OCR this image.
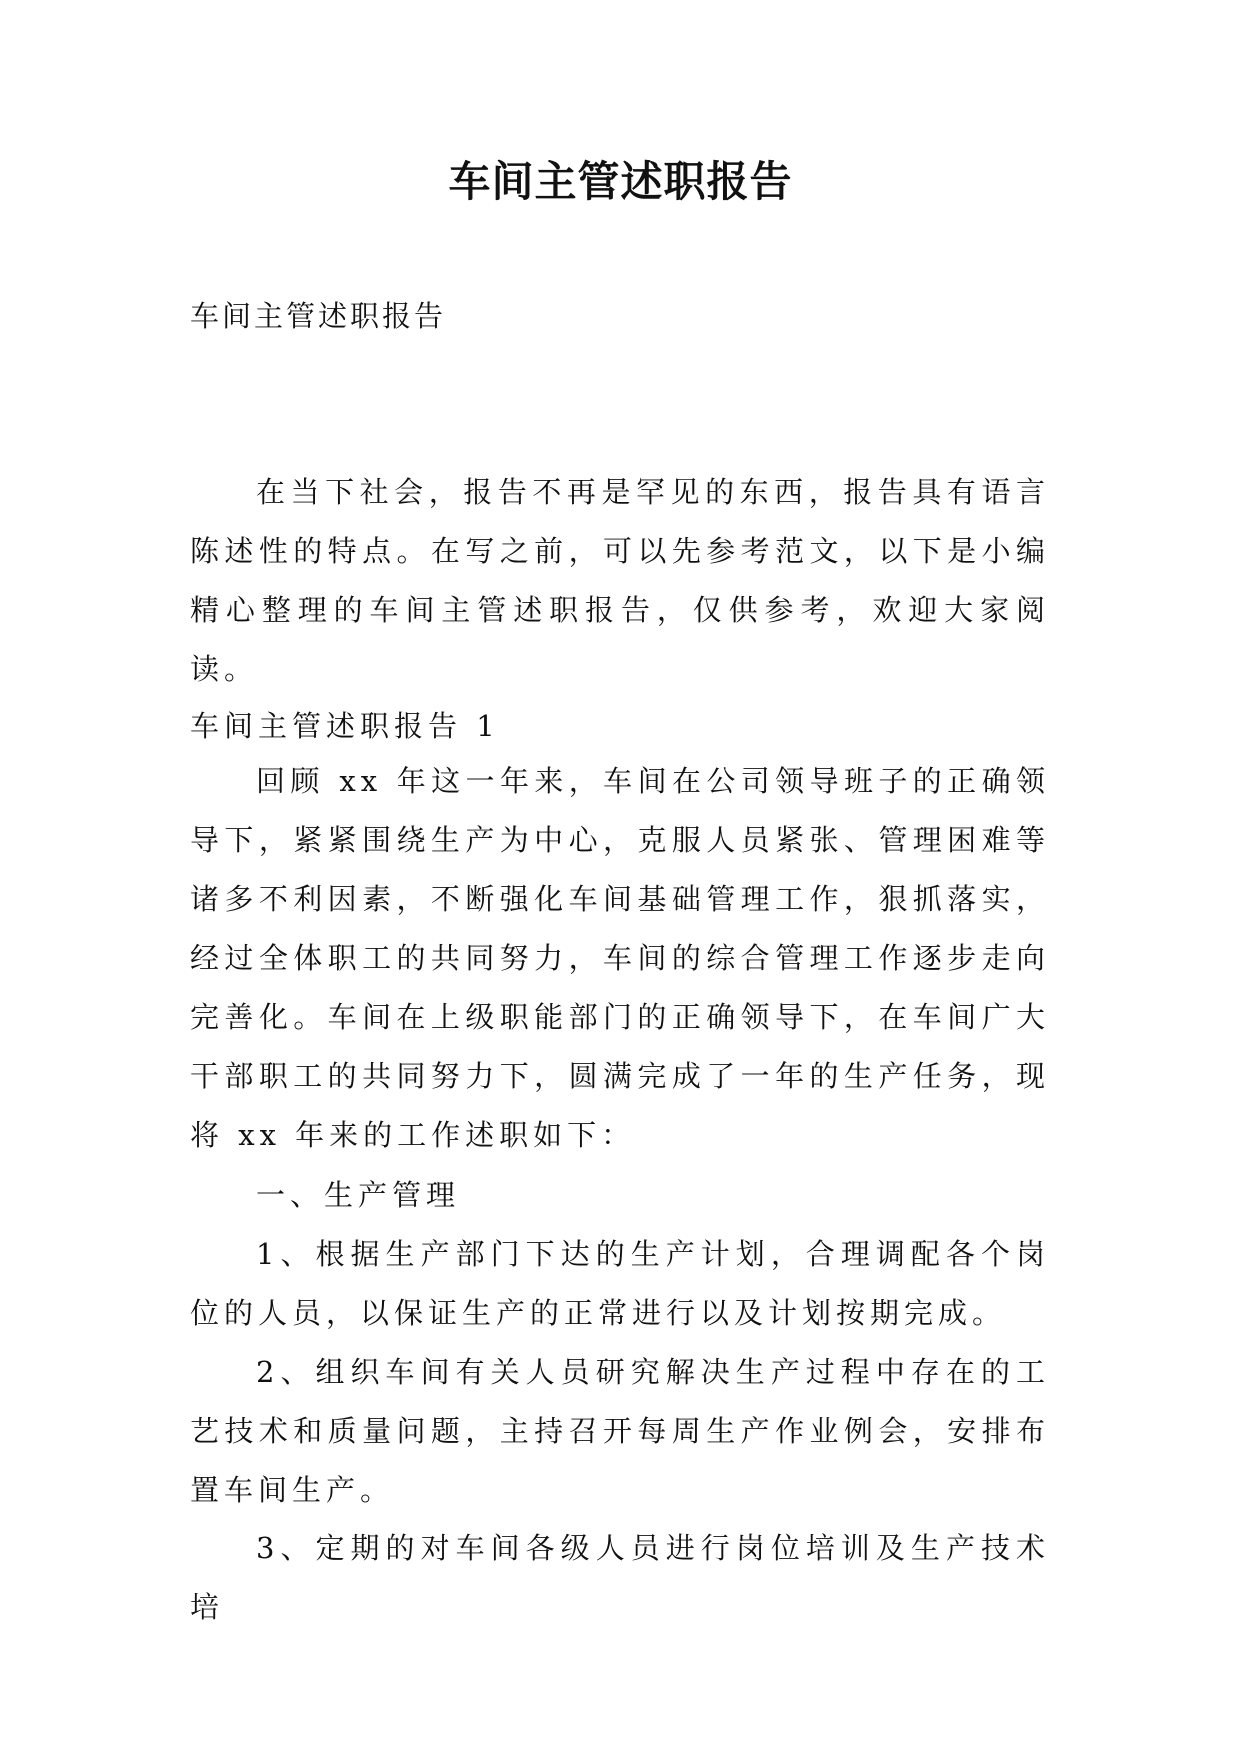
车间主管述职报告

车间主管述职报告

在当下社会，报告不再是罕见的东西，报告具有语言陈述性的特点。在写之前，可以先参考范文，以下是小编精心整理的车间主管述职报告，仅供参考，欢迎大家阅读。

车间主管述职报告 1

回顾 xx 年这一年来，车间在公司领导班子的正确领导下，紧紧围绕生产为中心，克服人员紧张、管理困难等诸多不利因素，不断强化车间基础管理工作，狠抓落实，经过全体职工的共同努力，车间的综合管理工作逐步走向完善化。车间在上级职能部门的正确领导下，在车间广大干部职工的共同努力下，圆满完成了一年的生产任务，现将 xx 年来的工作述职如下：

一、生产管理

1、根据生产部门下达的生产计划，合理调配各个岗位的人员，以保证生产的正常进行以及计划按期完成。

2、组织车间有关人员研究解决生产过程中存在的工艺技术和质量问题，主持召开每周生产作业例会，安排布置车间生产。

3、定期的对车间各级人员进行岗位培训及生产技术培
